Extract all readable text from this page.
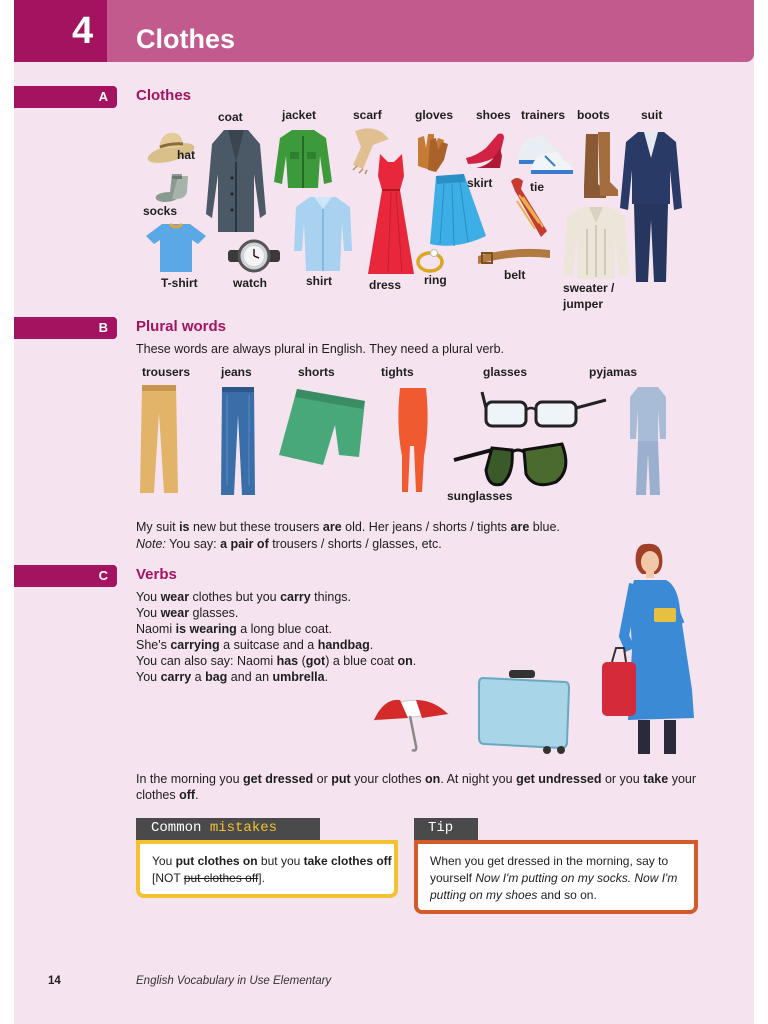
4 Clothes
A Clothes
coat	jacket	scarf	gloves shoes trainers boots	suit
hat
socks
skirt	tie
T-shirt	watch	shirt	dress ring	belt
sweater /
jumper
B Plural words
These words are always plural in English. They need a plural verb.
trousers	jeans	shorts	tights	glasses	pyjamas
sunglasses
My suit is new but these trousers are old. Her jeans / shorts / tights are blue.
Note: You say: a pair of trousers / shorts / glasses, etc.
C Verbs
You wear clothes but you carry things.
You wear glasses.
Naomi is wearing a long blue coat.
She's carrying a suitcase and a handbag.
You can also say: Naomi has (got) a blue coat on.
You carry a bag and an umbrella.
In the morning you get dressed or put your clothes on. At night you get undressed or you take your
clothes off.
Common mistakes
You put clothes on but you take clothes off
[NOT put clothes off].
Tip
When you get dressed in the morning, say to
yourself Now I'm putting on my socks. Now I'm
putting on my shoes and so on.
14	English Vocabulary in Use Elementary
